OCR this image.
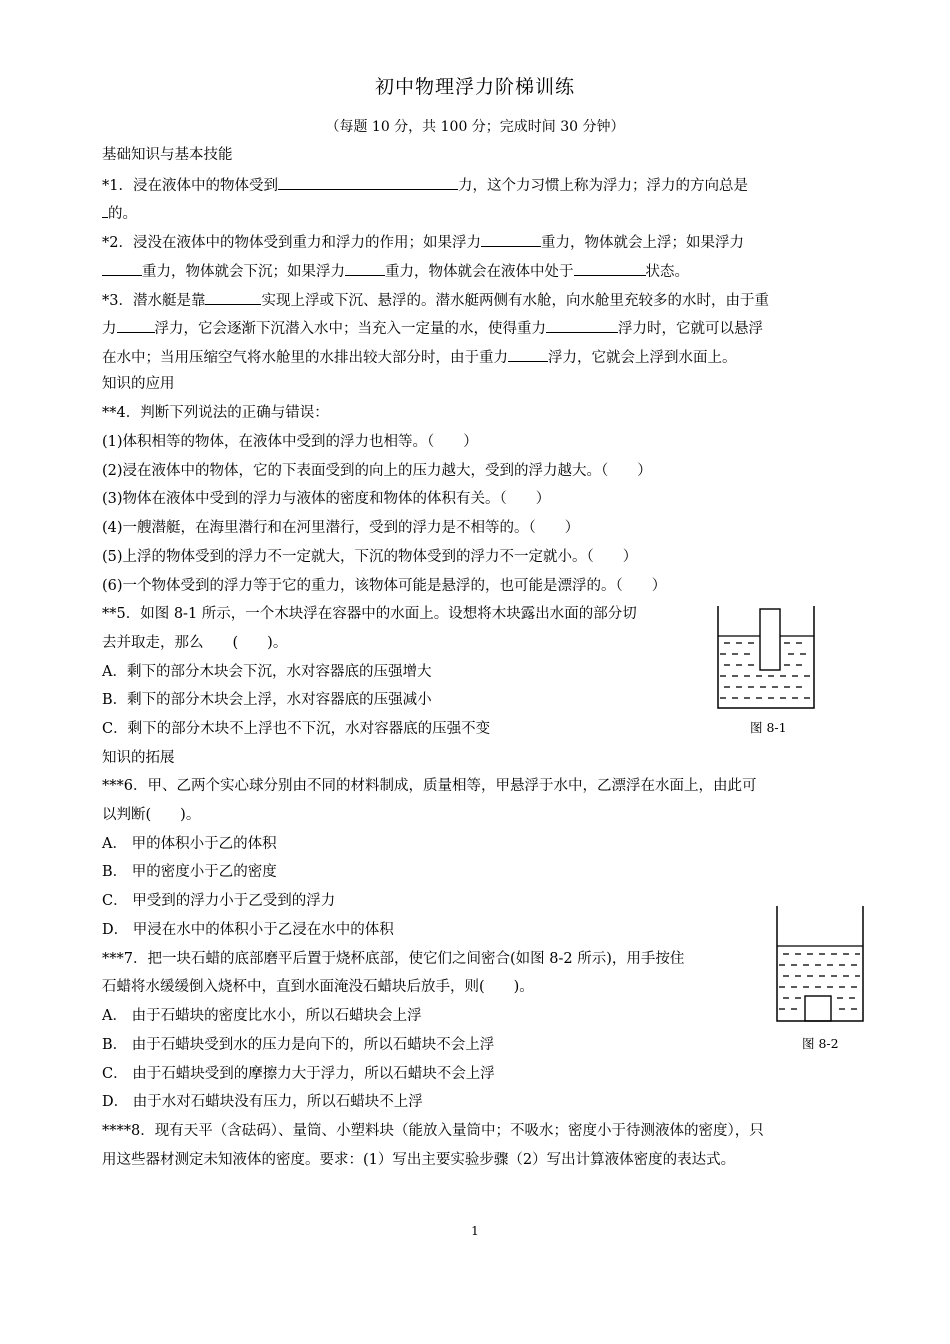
初中物理浮力阶梯训练
（每题 10 分，共 100 分；完成时间 30 分钟）
基础知识与基本技能
*1．浸在液体中的物体受到	力，这个力习惯上称为浮力；浮力的方向总是
的。
*2．浸没在液体中的物体受到重力和浮力的作用；如果浮力	重力，物体就会上浮；如果浮力
重力，物体就会下沉；如果浮力	重力，物体就会在液体中处于	状态。
*3．潜水艇是靠	实现上浮或下沉、悬浮的。潜水艇两侧有水舱，向水舱里充较多的水时，由于重
力	浮力，它会逐渐下沉潜入水中；当充入一定量的水，使得重力	浮力时，它就可以悬浮
在水中；当用压缩空气将水舱里的水排出较大部分时，由于重力	浮力，它就会上浮到水面上。
知识的应用
**4．判断下列说法的正确与错误：
(1)体积相等的物体，在液体中受到的浮力也相等。（　　）
(2)浸在液体中的物体，它的下表面受到的向上的压力越大，受到的浮力越大。（　　）
(3)物体在液体中受到的浮力与液体的密度和物体的体积有关。（　　）
(4)一艘潜艇，在海里潜行和在河里潜行，受到的浮力是不相等的。（　　）
(5)上浮的物体受到的浮力不一定就大，下沉的物体受到的浮力不一定就小。（　　）
(6)一个物体受到的浮力等于它的重力，该物体可能是悬浮的，也可能是漂浮的。（　　）
**5．如图 8-1 所示，一个木块浮在容器中的水面上。设想将木块露出水面的部分切
去并取走，那么　　(　　)。
A．剩下的部分木块会下沉，水对容器底的压强增大
B．剩下的部分木块会上浮，水对容器底的压强减小
C．剩下的部分木块不上浮也不下沉，水对容器底的压强不变	图 8-1
知识的拓展
***6．甲、乙两个实心球分别由不同的材料制成，质量相等，甲悬浮于水中，乙漂浮在水面上，由此可
以判断(　　)。
A． 甲的体积小于乙的体积
B． 甲的密度小于乙的密度
C． 甲受到的浮力小于乙受到的浮力
D． 甲浸在水中的体积小于乙浸在水中的体积
***7．把一块石蜡的底部磨平后置于烧杯底部，使它们之间密合(如图 8-2 所示)，用手按住
石蜡将水缓缓倒入烧杯中，直到水面淹没石蜡块后放手，则(　　)。
A． 由于石蜡块的密度比水小，所以石蜡块会上浮
B． 由于石蜡块受到水的压力是向下的，所以石蜡块不会上浮
C． 由于石蜡块受到的摩擦力大于浮力，所以石蜡块不会上浮
D． 由于水对石蜡块没有压力，所以石蜡块不上浮
图 8-2
****8．现有天平（含砝码）、量筒、小塑料块（能放入量筒中；不吸水；密度小于待测液体的密度），只
用这些器材测定未知液体的密度。要求：(1）写出主要实验步骤（2）写出计算液体密度的表达式。
1
